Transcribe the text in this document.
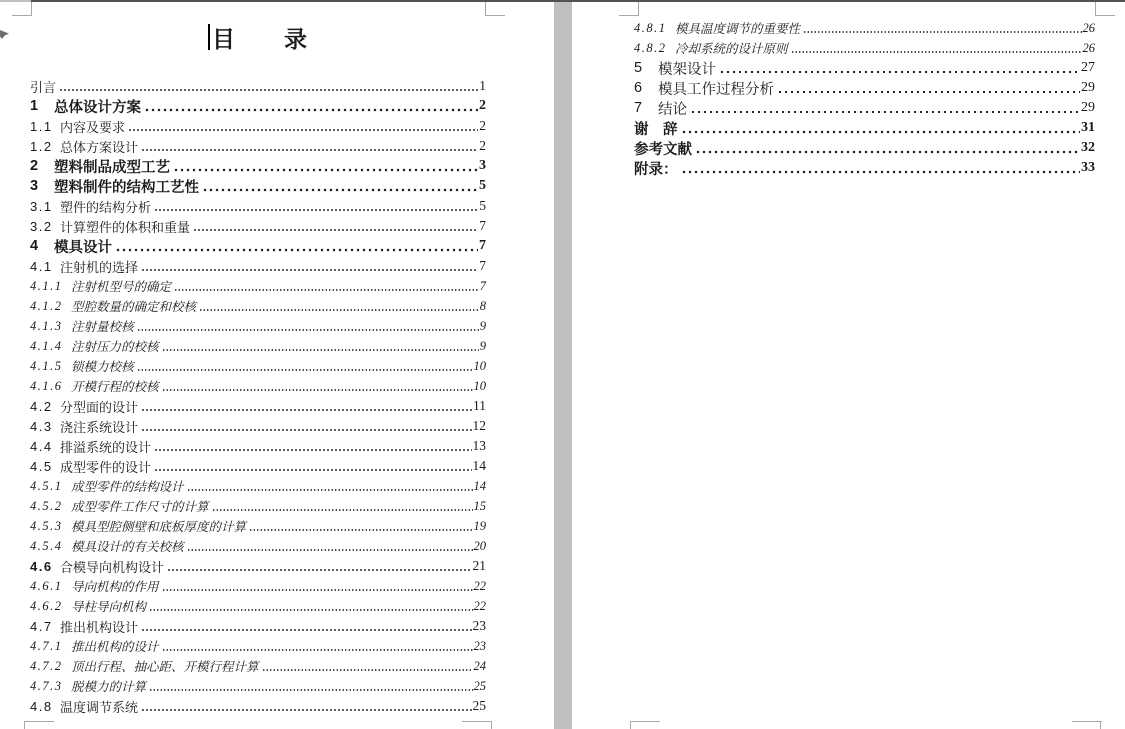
目　　录
引言	1
1	总体设计方案	2
1.1 内容及要求	2
1.2 总体方案设计	2
2	塑料制品成型工艺	3
3	塑料制件的结构工艺性	5
3.1 塑件的结构分析	5
3.2 计算塑件的体积和重量	7
4	模具设计	7
4.1 注射机的选择	7
4.1.1 注射机型号的确定	7
4.1.2 型腔数量的确定和校核	8
4.1.3 注射量校核	9
4.1.4 注射压力的校核	9
4.1.5 锁模力校核	10
4.1.6 开模行程的校核	10
4.2 分型面的设计	11
4.3 浇注系统设计	12
4.4 排溢系统的设计	13
4.5 成型零件的设计	14
4.5.1 成型零件的结构设计	14
4.5.2 成型零件工作尺寸的计算	15
4.5.3 模具型腔侧壁和底板厚度的计算	19
4.5.4 模具设计的有关校核	20
4.6 合模导向机构设计	21
4.6.1 导向机构的作用	22
4.6.2 导柱导向机构	22
4.7 推出机构设计	23
4.7.1 推出机构的设计	23
4.7.2 顶出行程、抽心距、开模行程计算	24
4.7.3 脱模力的计算	25
4.8 温度调节系统	25
4.8.1 模具温度调节的重要性	26
4.8.2 冷却系统的设计原则	26
5	模架设计	27
6	模具工作过程分析	29
7	结论	29
谢　辞	31
参考文献	32
附录：	33
